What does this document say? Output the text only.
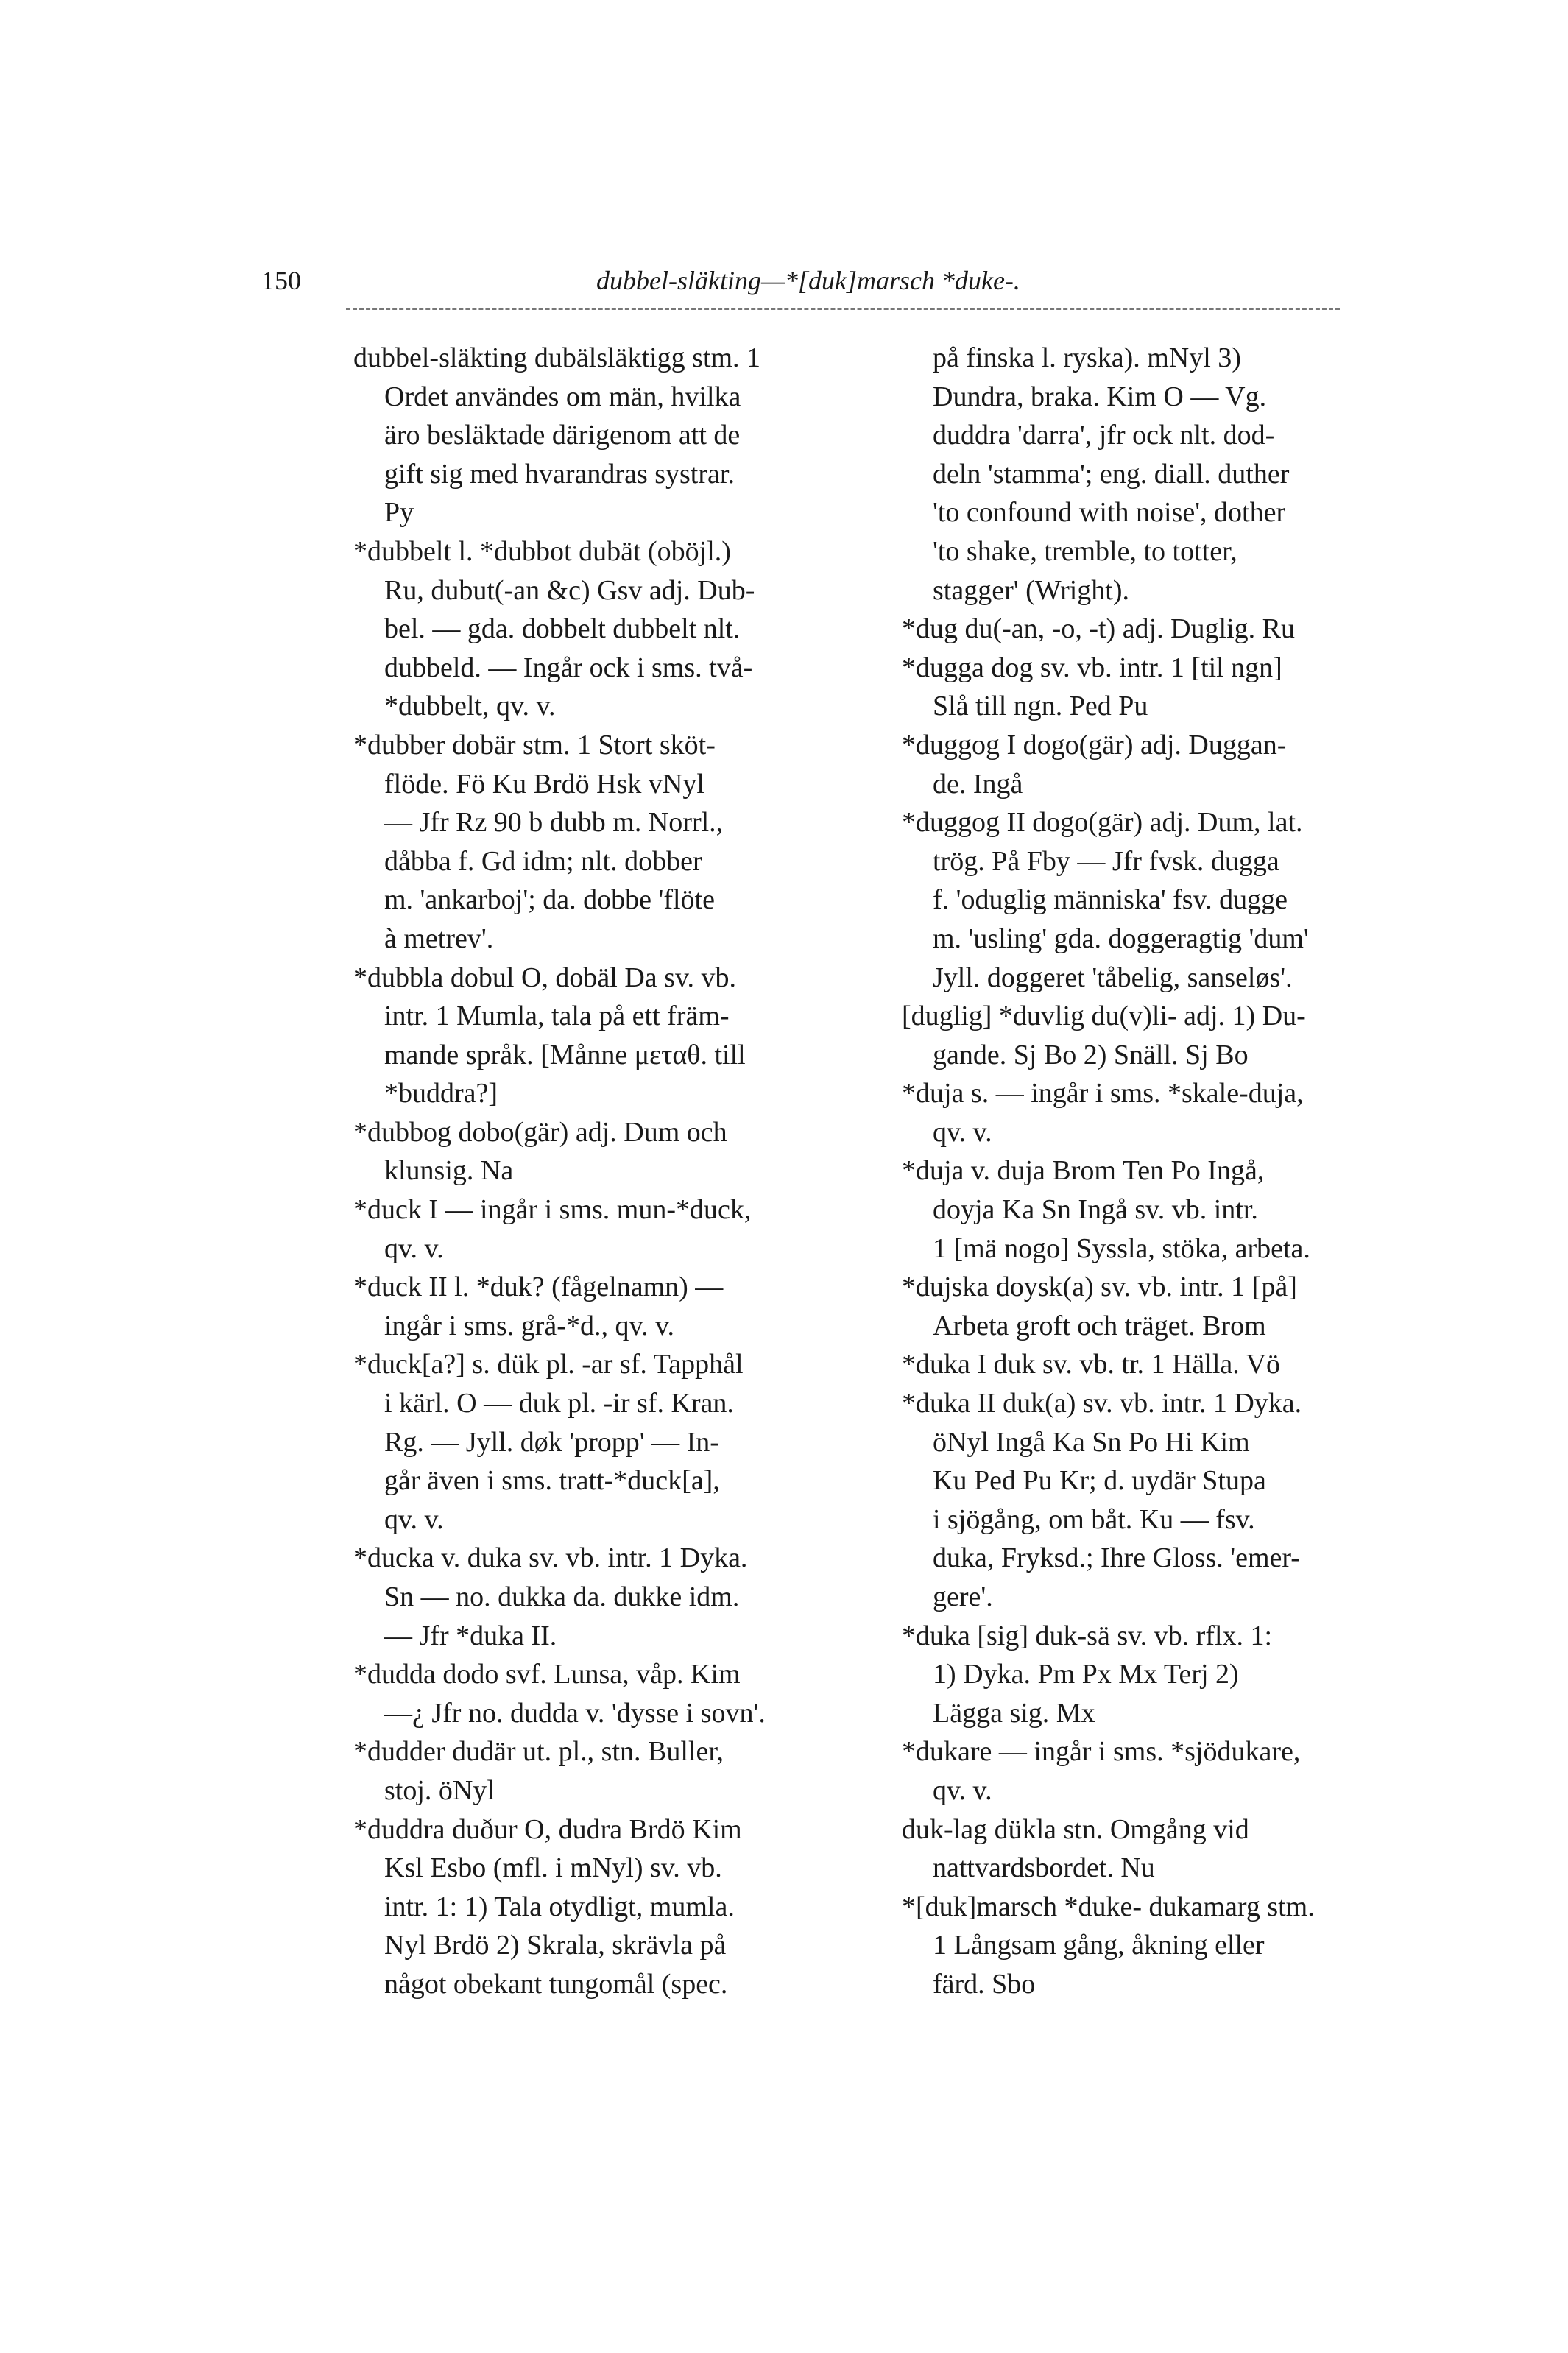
150	dubbel-släkting—*[duk]marsch *duke-.
dubbel-släkting dubälsläktigg stm. 1
Ordet användes om män, hvilka
äro besläktade därigenom att de
gift sig med hvarandras systrar.
Py
*dubbelt l. *dubbot dubät (oböjl.)
Ru, dubut(-an &c) Gsv adj. Dub-
bel. — gda. dobbelt dubbelt nlt.
dubbeld. — Ingår ock i sms. två-
*dubbelt, qv. v.
*dubber dobär stm. 1 Stort sköt-
flöde. Fö Ku Brdö Hsk vNyl
— Jfr Rz 90 b dubb m. Norrl.,
dåbba f. Gd idm; nlt. dobber
m. 'ankarboj'; da. dobbe 'flöte
à metrev'.
*dubbla dobul O, dobäl Da sv. vb.
intr. 1 Mumla, tala på ett främ-
mande språk. [Månne μεταθ. till
*buddra?]
*dubbog dobo(gär) adj. Dum och
klunsig. Na
*duck I — ingår i sms. mun-*duck,
qv. v.
*duck II l. *duk? (fågelnamn) —
ingår i sms. grå-*d., qv. v.
*duck[a?] s. dük pl. -ar sf. Tapphål
i kärl. O — duk pl. -ir sf. Kran.
Rg. — Jyll. døk 'propp' — In-
går även i sms. tratt-*duck[a],
qv. v.
*ducka v. duka sv. vb. intr. 1 Dyka.
Sn — no. dukka da. dukke idm.
— Jfr *duka II.
*dudda dodo svf. Lunsa, våp. Kim
—¿ Jfr no. dudda v. 'dysse i sovn'.
*dudder dudär ut. pl., stn. Buller,
stoj. öNyl
*duddra duður O, dudra Brdö Kim
Ksl Esbo (mfl. i mNyl) sv. vb.
intr. 1: 1) Tala otydligt, mumla.
Nyl Brdö 2) Skrala, skrävla på
något obekant tungomål (spec.
på finska l. ryska). mNyl 3)
Dundra, braka. Kim O — Vg.
duddra 'darra', jfr ock nlt. dod-
deln 'stamma'; eng. diall. duther
'to confound with noise', dother
'to shake, tremble, to totter,
stagger' (Wright).
*dug du(-an, -o, -t) adj. Duglig. Ru
*dugga dog sv. vb. intr. 1 [til ngn]
Slå till ngn. Ped Pu
*duggog I dogo(gär) adj. Duggan-
de. Ingå
*duggog II dogo(gär) adj. Dum, lat.
trög. På Fby — Jfr fvsk. dugga
f. 'oduglig människa' fsv. dugge
m. 'usling' gda. doggeragtig 'dum'
Jyll. doggeret 'tåbelig, sanseløs'.
[duglig] *duvlig du(v)li- adj. 1) Du-
gande. Sj Bo 2) Snäll. Sj Bo
*duja s. — ingår i sms. *skale-duja,
qv. v.
*duja v. duja Brom Ten Po Ingå,
doyja Ka Sn Ingå sv. vb. intr.
1 [mä nogo] Syssla, stöka, arbeta.
*dujska doysk(a) sv. vb. intr. 1 [på]
Arbeta groft och träget. Brom
*duka I duk sv. vb. tr. 1 Hälla. Vö
*duka II duk(a) sv. vb. intr. 1 Dyka.
öNyl Ingå Ka Sn Po Hi Kim
Ku Ped Pu Kr; d. uydär Stupa
i sjögång, om båt. Ku — fsv.
duka, Fryksd.; Ihre Gloss. 'emer-
gere'.
*duka [sig] duk-sä sv. vb. rflx. 1:
1) Dyka. Pm Px Mx Terj 2)
Lägga sig. Mx
*dukare — ingår i sms. *sjödukare,
qv. v.
duk-lag dükla stn. Omgång vid
nattvardsbordet. Nu
*[duk]marsch *duke- dukamarg stm.
1 Långsam gång, åkning eller
färd. Sbo
